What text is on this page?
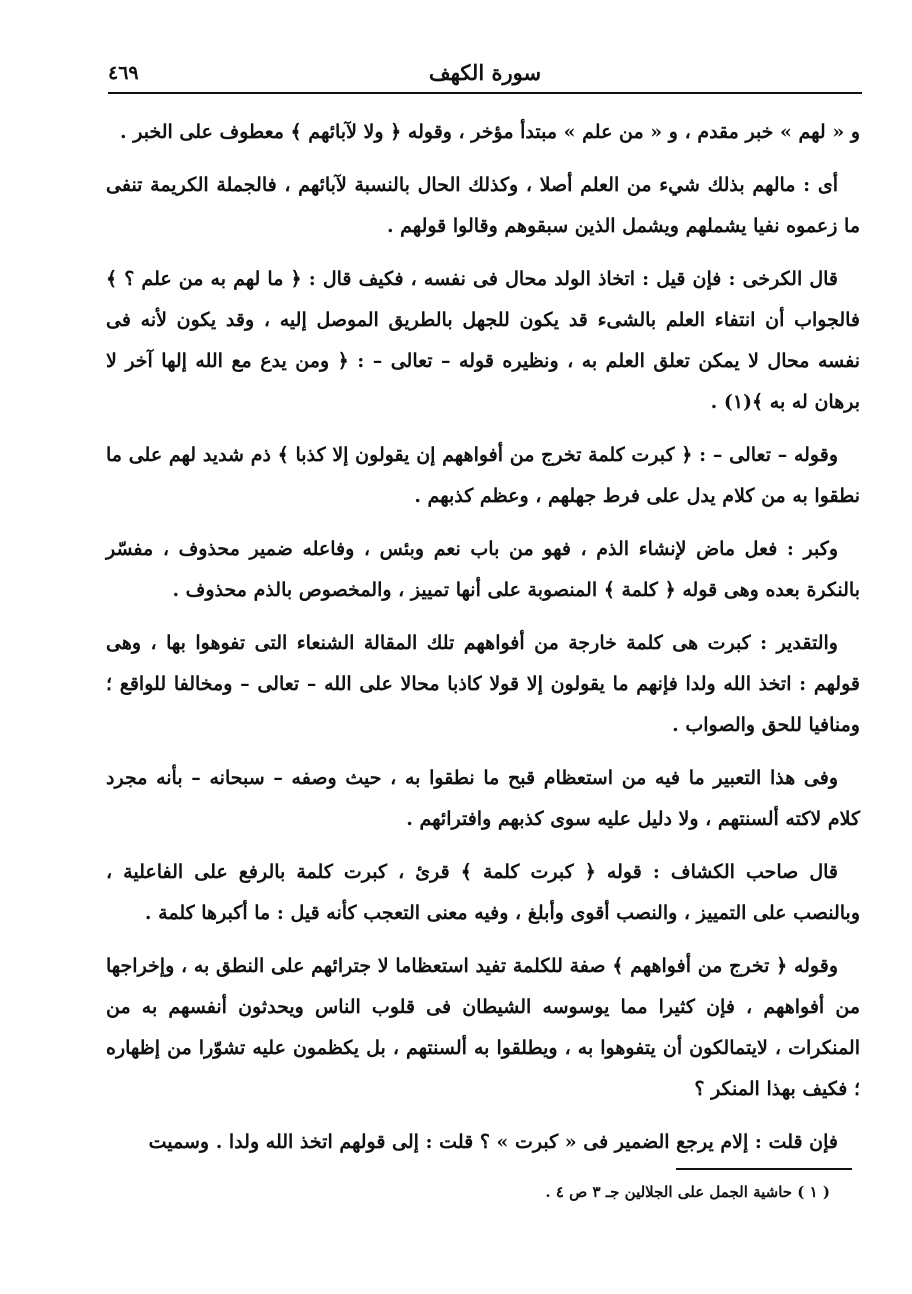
سورة الكهف
٤٦٩

و « لهم » خبر مقدم ، و « من علم » مبتدأ مؤخر ، وقوله ﴿ ولا لآبائهم ﴾ معطوف على الخبر .

أى : مالهم بذلك شيء من العلم أصلا ، وكذلك الحال بالنسبة لآبائهم ، فالجملة الكريمة تنفى ما زعموه نفيا يشملهم ويشمل الذين سبقوهم وقالوا قولهم .

قال الكرخى : فإن قيل : اتخاذ الولد محال فى نفسه ، فكيف قال : ﴿ ما لهم به من علم ؟ ﴾ فالجواب أن انتفاء العلم بالشىء قد يكون للجهل بالطريق الموصل إليه ، وقد يكون لأنه فى نفسه محال لا يمكن تعلق العلم به ، ونظيره قوله – تعالى – : ﴿ ومن يدع مع الله إلها آخر لا برهان له به ﴾(١) .

وقوله – تعالى – : ﴿ كبرت كلمة تخرج من أفواههم إن يقولون إلا كذبا ﴾ ذم شديد لهم على ما نطقوا به من كلام يدل على فرط جهلهم ، وعظم كذبهم .

وكبر : فعل ماض لإنشاء الذم ، فهو من باب نعم وبئس ، وفاعله ضمير محذوف ، مفسّر بالنكرة بعده وهى قوله ﴿ كلمة ﴾ المنصوبة على أنها تمييز ، والمخصوص بالذم محذوف .

والتقدير : كبرت هى كلمة خارجة من أفواههم تلك المقالة الشنعاء التى تفوهوا بها ، وهى قولهم : اتخذ الله ولدا فإنهم ما يقولون إلا قولا كاذبا محالا على الله – تعالى – ومخالفا للواقع ؛ ومنافيا للحق والصواب .

وفى هذا التعبير ما فيه من استعظام قبح ما نطقوا به ، حيث وصفه – سبحانه – بأنه مجرد كلام لاكته ألسنتهم ، ولا دليل عليه سوى كذبهم وافترائهم .

قال صاحب الكشاف : قوله ﴿ كبرت كلمة ﴾ قرئ ، كبرت كلمة بالرفع على الفاعلية ، وبالنصب على التمييز ، والنصب أقوى وأبلغ ، وفيه معنى التعجب كأنه قيل : ما أكبرها كلمة .

وقوله ﴿ تخرج من أفواههم ﴾ صفة للكلمة تفيد استعظاما لا جترائهم على النطق به ، وإخراجها من أفواههم ، فإن كثيرا مما يوسوسه الشيطان فى قلوب الناس ويحدثون أنفسهم به من المنكرات ، لايتمالكون أن يتفوهوا به ، ويطلقوا به ألسنتهم ، بل يكظمون عليه تشوّرا من إظهاره ؛ فكيف بهذا المنكر ؟

فإن قلت : إلام يرجع الضمير فى « كبرت » ؟ قلت : إلى قولهم اتخذ الله ولدا . وسميت

( ١ ) حاشية الجمل على الجلالين جـ ٣ ص ٤ .
